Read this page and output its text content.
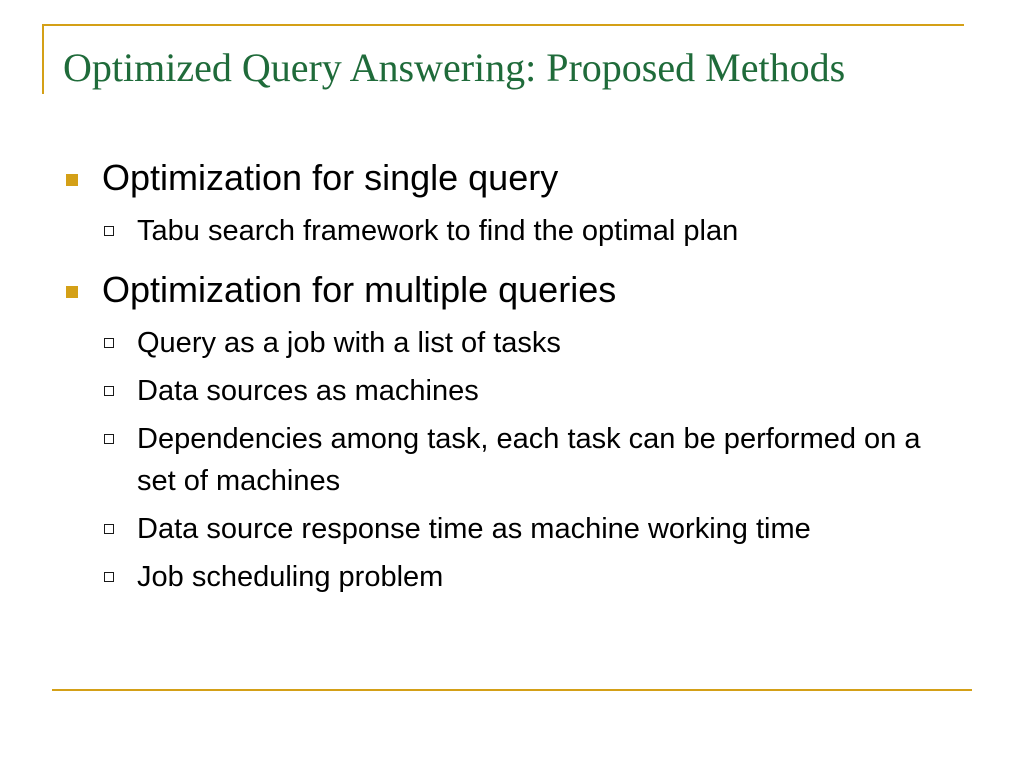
Optimized Query Answering: Proposed Methods
Optimization for single query
Tabu search framework to find the optimal plan
Optimization for multiple queries
Query as a job with a list of tasks
Data sources as machines
Dependencies among task, each task can be performed on a set of machines
Data source response time as machine working time
Job scheduling problem
